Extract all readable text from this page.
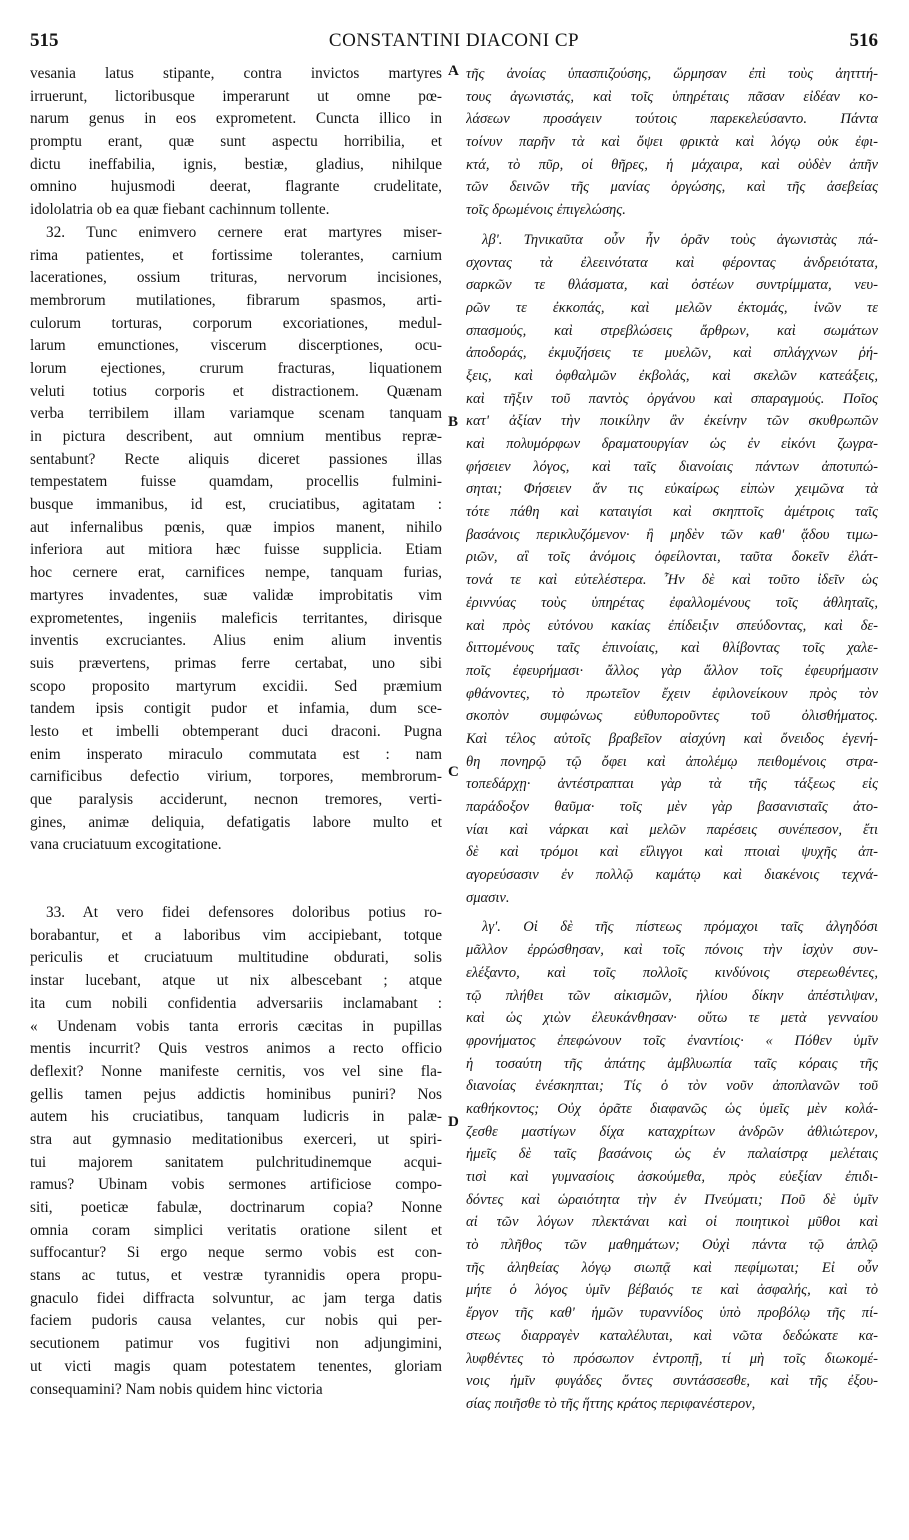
515	CONSTANTINI DIACONI CP	516
A
B
C
D
vesania latus stipante, contra invictos martyres
irruerunt, lictoribusque imperarunt ut omne pœ-
narum genus in eos exprometent. Cuncta illico in
promptu erant, quæ sunt aspectu horribilia, et
dictu ineffabilia, ignis, bestiæ, gladius, nihilque
omnino hujusmodi deerat, flagrante crudelitate,
idololatria ob ea quæ fiebant cachinnum tollente.
32. Tunc enimvero cernere erat martyres miser-
rima patientes, et fortissime tolerantes, carnium
lacerationes, ossium trituras, nervorum incisiones,
membrorum mutilationes, fibrarum spasmos, arti-
culorum torturas, corporum excoriationes, medul-
larum emunctiones, viscerum discerptiones, ocu-
lorum ejectiones, crurum fracturas, liquationem
veluti totius corporis et distractionem. Quænam
verba terribilem illam variamque scenam tanquam
in pictura describent, aut omnium mentibus repræ-
sentabunt? Recte aliquis diceret passiones illas
tempestatem fuisse quamdam, procellis fulmini-
busque immanibus, id est, cruciatibus, agitatam :
aut infernalibus pœnis, quæ impios manent, nihilo
inferiora aut mitiora hæc fuisse supplicia. Etiam
hoc cernere erat, carnifices nempe, tanquam furias,
martyres invadentes, suæ validæ improbitatis vim
exprometentes, ingeniis maleficis territantes, dirisque
inventis excruciantes. Alius enim alium inventis
suis prævertens, primas ferre certabat, uno sibi
scopo proposito martyrum excidii. Sed præmium
tandem ipsis contigit pudor et infamia, dum sce-
lesto et imbelli obtemperant duci draconi. Pugna
enim insperato miraculo commutata est : nam
carnificibus defectio virium, torpores, membrorum-
que paralysis acciderunt, necnon tremores, verti-
gines, animæ deliquia, defatigatis labore multo et
vana cruciatuum excogitatione.
33. At vero fidei defensores doloribus potius ro-
borabantur, et a laboribus vim accipiebant, totque
periculis et cruciatuum multitudine obdurati, solis
instar lucebant, atque ut nix albescebant ; atque
ita cum nobili confidentia adversariis inclamabant :
« Undenam vobis tanta erroris cæcitas in pupillas
mentis incurrit? Quis vestros animos a recto officio
deflexit? Nonne manifeste cernitis, vos vel sine fla-
gellis tamen pejus addictis hominibus puniri? Nos
autem his cruciatibus, tanquam ludicris in palæ-
stra aut gymnasio meditationibus exerceri, ut spiri-
tui majorem sanitatem pulchritudinemque acqui-
ramus? Ubinam vobis sermones artificiose compo-
siti, poeticæ fabulæ, doctrinarum copia? Nonne
omnia coram simplici veritatis oratione silent et
suffocantur? Si ergo neque sermo vobis est con-
stans ac tutus, et vestræ tyrannidis opera propu-
gnaculo fidei diffracta solvuntur, ac jam terga datis
faciem pudoris causa velantes, cur nobis qui per-
secutionem patimur vos fugitivi non adjungimini,
ut victi magis quam potestatem tenentes, gloriam
consequamini? Nam nobis quidem hinc victoria
τῆς ἀνοίας ὑπασπιζούσης, ὥρμησαν ἐπὶ τοὺς ἀητττή-
τους ἀγωνιστάς, καὶ τοῖς ὑπηρέταις πᾶσαν εἰδέαν κο-
λάσεων προσάγειν τούτοις παρεκελεύσαντο. Πάντα
τοίνυν παρῆν τὰ καὶ ὄψει φρικτὰ καὶ λόγῳ οὐκ ἐφι-
κτά, τὸ πῦρ, οἱ θῆρες, ἡ μάχαιρα, καὶ οὐδὲν ἀπῆν
τῶν δεινῶν τῆς μανίας ὀργώσης, καὶ τῆς ἀσεβείας
τοῖς δρωμένοις ἐπιγελώσης.
λβ'. Τηνικαῦτα οὖν ἦν ὁρᾶν τοὺς ἀγωνιστὰς πά-
σχοντας τὰ ἐλεεινότατα καὶ φέροντας ἀνδρειότατα,
σαρκῶν τε θλάσματα, καὶ ὀστέων συντρίμματα, νευ-
ρῶν τε ἐκκοπάς, καὶ μελῶν ἐκτομάς, ἰνῶν τε
σπασμούς, καὶ στρεβλώσεις ἄρθρων, καὶ σωμάτων
ἀποδοράς, ἐκμυζήσεις τε μυελῶν, καὶ σπλάγχνων ῥή-
ξεις, καὶ ὀφθαλμῶν ἐκβολάς, καὶ σκελῶν κατεάξεις,
καὶ τῆξιν τοῦ παντὸς ὀργάνου καὶ σπαραγμούς. Ποῖος
κατ' ἀξίαν τὴν ποικίλην ἂν ἐκείνην τῶν σκυθρωπῶν
καὶ πολυμόρφων δραματουργίαν ὡς ἐν εἰκόνι ζωγρα-
φήσειεν λόγος, καὶ ταῖς διανοίαις πάντων ἀποτυπώ-
σηται; Φήσειεν ἄν τις εὐκαίρως εἰπὼν χειμῶνα τὰ
τότε πάθη καὶ καταιγίσι καὶ σκηπτοῖς ἀμέτροις ταῖς
βασάνοις περικλυζόμενον· ἢ μηδὲν τῶν καθ' ᾅδου τιμω-
ριῶν, αἳ τοῖς ἀνόμοις ὀφείλονται, ταῦτα δοκεῖν ἐλάτ-
τονά τε καὶ εὐτελέστερα. Ἦν δὲ καὶ τοῦτο ἰδεῖν ὡς
ἐριννύας τοὺς ὑπηρέτας ἐφαλλομένους τοῖς ἀθληταῖς,
καὶ πρὸς εὐτόνου κακίας ἐπίδειξιν σπεύδοντας, καὶ δε-
διττομένους ταῖς ἐπινοίαις, καὶ θλίβοντας τοῖς χαλε-
ποῖς ἐφευρήμασι· ἄλλος γὰρ ἄλλον τοῖς ἐφευρήμασιν
φθάνοντες, τὸ πρωτεῖον ἔχειν ἐφιλονείκουν πρὸς τὸν
σκοπὸν συμφώνως εὐθυποροῦντες τοῦ ὀλισθήματος.
Καὶ τέλος αὐτοῖς βραβεῖον αἰσχύνη καὶ ὄνειδος ἐγενή-
θη πονηρῷ τῷ ὄφει καὶ ἀπολέμῳ πειθομένοις στρα-
τοπεδάρχῃ· ἀντέστραπται γὰρ τὰ τῆς τάξεως εἰς
παράδοξον θαῦμα· τοῖς μὲν γὰρ βασανισταῖς ἀτο-
νίαι καὶ νάρκαι καὶ μελῶν παρέσεις συνέπεσον, ἔτι
δὲ καὶ τρόμοι καὶ εἴλιγγοι καὶ πτοιαὶ ψυχῆς ἀπ-
αγορεύσασιν ἐν πολλῷ καμάτῳ καὶ διακένοις τεχνά-
σμασιν.
λγ'. Οἱ δὲ τῆς πίστεως πρόμαχοι ταῖς ἀλγηδόσι
μᾶλλον ἐρρώσθησαν, καὶ τοῖς πόνοις τὴν ἰσχὺν συν-
ελέξαντο, καὶ τοῖς πολλοῖς κινδύνοις στερεωθέντες,
τῷ πλήθει τῶν αἰκισμῶν, ἡλίου δίκην ἀπέστιλψαν,
καὶ ὡς χιὼν ἐλευκάνθησαν· οὕτω τε μετὰ γενναίου
φρονήματος ἐπεφώνουν τοῖς ἐναντίοις· « Πόθεν ὑμῖν
ἡ τοσαύτη τῆς ἀπάτης ἀμβλυωπία ταῖς κόραις τῆς
διανοίας ἐνέσκηπται; Τίς ὁ τὸν νοῦν ἀποπλανῶν τοῦ
καθήκοντος; Οὐχ ὁρᾶτε διαφανῶς ὡς ὑμεῖς μὲν κολά-
ζεσθε μαστίγων δίχα καταχρίτων ἀνδρῶν ἀθλιώτερον,
ἡμεῖς δὲ ταῖς βασάνοις ὡς ἐν παλαίστρᾳ μελέταις
τισὶ καὶ γυμνασίοις ἀσκούμεθα, πρὸς εὐεξίαν ἐπιδι-
δόντες καὶ ὡραιότητα τὴν ἐν Πνεύματι; Ποῦ δὲ ὑμῖν
αἱ τῶν λόγων πλεκτάναι καὶ οἱ ποιητικοὶ μῦθοι καὶ
τὸ πλῆθος τῶν μαθημάτων; Οὐχὶ πάντα τῷ ἁπλῷ
τῆς ἀληθείας λόγῳ σιωπᾷ καὶ πεφίμωται; Εἰ οὖν
μήτε ὁ λόγος ὑμῖν βέβαιός τε καὶ ἀσφαλής, καὶ τὸ
ἔργον τῆς καθ' ἡμῶν τυραννίδος ὑπὸ προβόλῳ τῆς πί-
στεως διαρραγὲν καταλέλυται, καὶ νῶτα δεδώκατε κα-
λυφθέντες τὸ πρόσωπον ἐντροπῇ, τί μὴ τοῖς διωκομέ-
νοις ἡμῖν φυγάδες ὄντες συντάσσεσθε, καὶ τῆς ἐξου-
σίας ποιῆσθε τὸ τῆς ἥττης κράτος περιφανέστερον,
